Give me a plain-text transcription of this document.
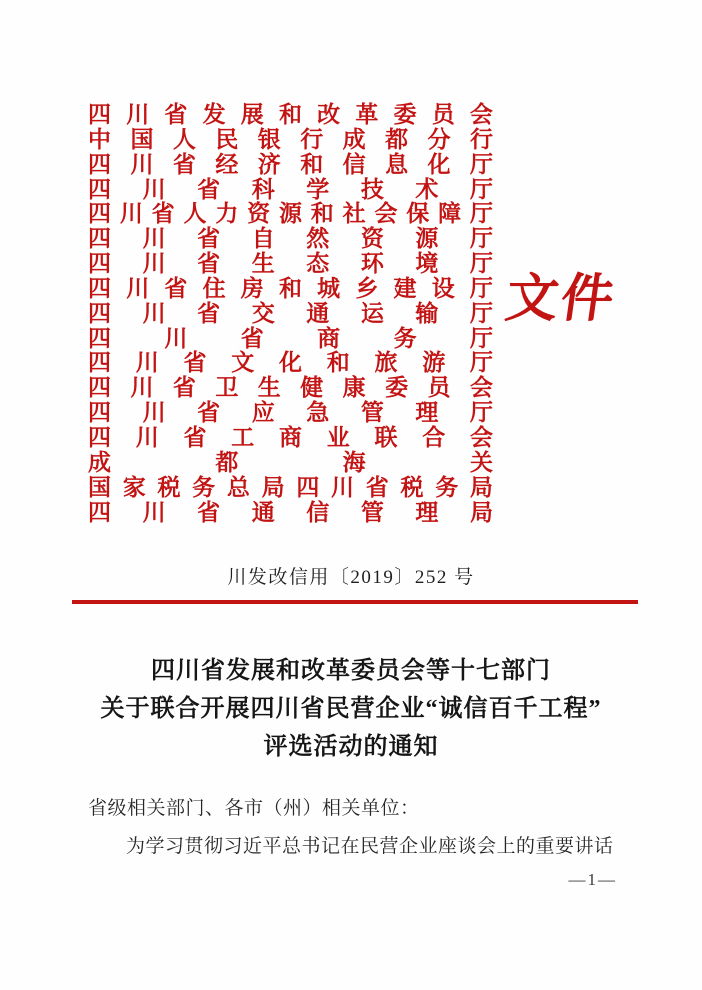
四 川 省 发 展 和 改 革 委 员 会
中 国 人 民 银 行 成 都 分 行
四 川 省 经 济 和 信 息 化 厅
四 川 省 科 学 技 术 厅
四 川 省 人 力 资 源 和 社 会 保 障 厅
四 川 省 自 然 资 源 厅
四 川 省 生 态 环 境 厅
四 川 省 住 房 和 城 乡 建 设 厅
四 川 省 交 通 运 输 厅
四 川 省 商 务 厅
四 川 省 文 化 和 旅 游 厅
四 川 省 卫 生 健 康 委 员 会
四 川 省 应 急 管 理 厅
四 川 省 工 商 业 联 合 会
成	都	海	关
国 家 税 务 总 局 四 川 省 税 务 局
四 川 省 通 信 管 理 局
文件
川发改信用〔2019〕252 号
四川省发展和改革委员会等十七部门
关于联合开展四川省民营企业“诚信百千工程”
评选活动的通知
省级相关部门、各市（州）相关单位：
为学习贯彻习近平总书记在民营企业座谈会上的重要讲话
—1—
